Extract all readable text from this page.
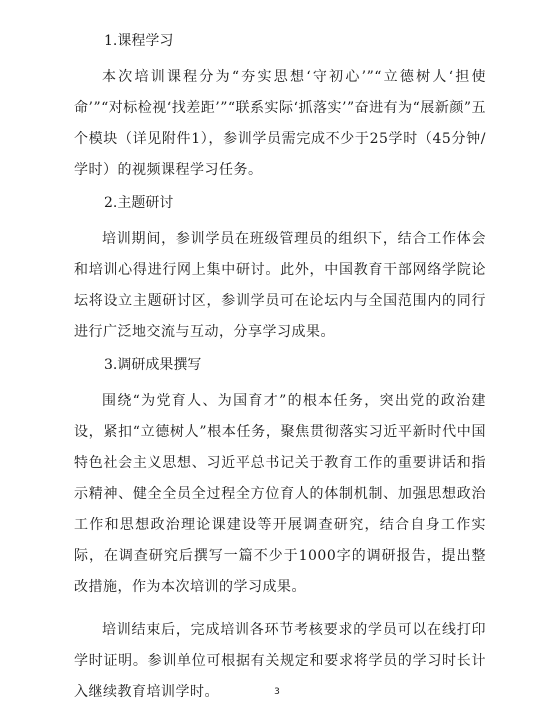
1.课程学习

本次培训课程分为“夯实思想‘守初心’”“立德树人‘担使命’”“对标检视‘找差距’”“联系实际‘抓落实’”奋进有为“展新颜”五个模块（详见附件1），参训学员需完成不少于25学时（45分钟/学时）的视频课程学习任务。

2.主题研讨

培训期间，参训学员在班级管理员的组织下，结合工作体会和培训心得进行网上集中研讨。此外，中国教育干部网络学院论坛将设立主题研讨区，参训学员可在论坛内与全国范围内的同行进行广泛地交流与互动，分享学习成果。

3.调研成果撰写

围绕“为党育人、为国育才”的根本任务，突出党的政治建设，紧扣“立德树人”根本任务，聚焦贯彻落实习近平新时代中国特色社会主义思想、习近平总书记关于教育工作的重要讲话和指示精神、健全全员全过程全方位育人的体制机制、加强思想政治工作和思想政治理论课建设等开展调查研究，结合自身工作实际，在调查研究后撰写一篇不少于1000字的调研报告，提出整改措施，作为本次培训的学习成果。

培训结束后，完成培训各环节考核要求的学员可以在线打印学时证明。参训单位可根据有关规定和要求将学员的学习时长计入继续教育培训学时。	3
